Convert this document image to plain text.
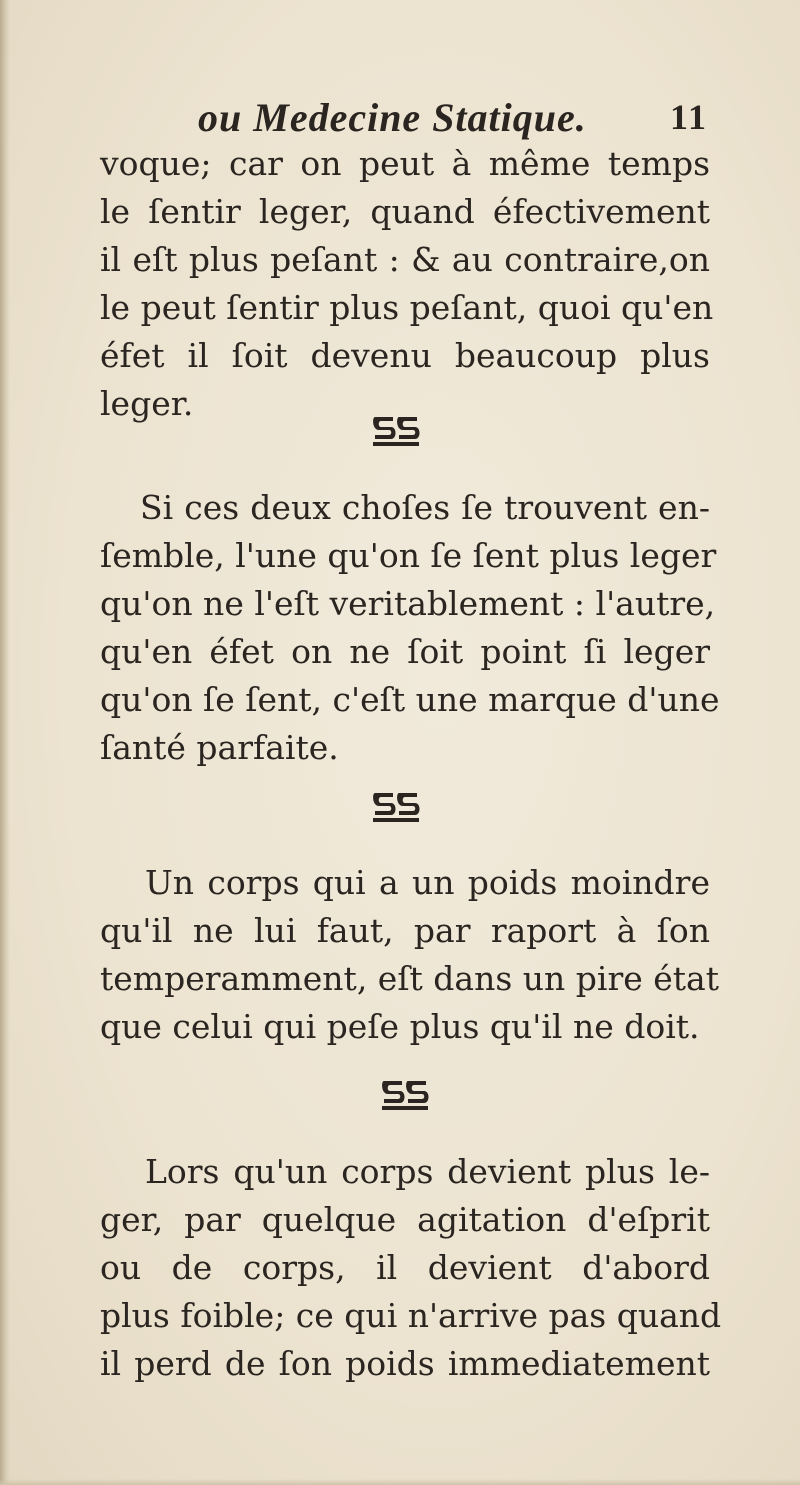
ou Medecine Statique. 11
voque; car on peut à même temps
le ſentir leger, quand éfectivement
il eſt plus peſant : & au contraire,on
le peut ſentir plus peſant, quoi qu'en
éfet il ſoit devenu beaucoup plus
leger.
Si ces deux choſes ſe trouvent en-
ſemble, l'une qu'on ſe ſent plus leger
qu'on ne l'eſt veritablement : l'autre,
qu'en éfet on ne ſoit point ſi leger
qu'on ſe ſent, c'eſt une marque d'une
ſanté parfaite.
Un corps qui a un poids moindre
qu'il ne lui faut, par raport à ſon
temperamment, eſt dans un pire état
que celui qui peſe plus qu'il ne doit.
Lors qu'un corps devient plus le-
ger, par quelque agitation d'eſprit
ou de corps, il devient d'abord
plus foible; ce qui n'arrive pas quand
il perd de ſon poids immediatement
